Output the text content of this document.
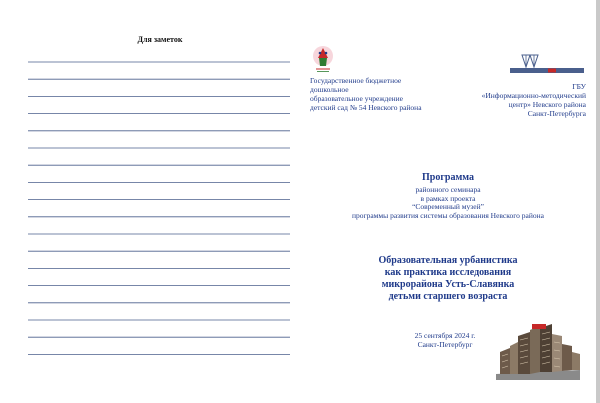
Для заметок
Государственное бюджетное
дошкольное
образовательное учреждение
детский сад № 54 Невского района
ГБУ
«Информационно-методический
центр» Невского района
Санкт-Петербурга
Программа
районного семинара
в рамках проекта
“Современный музей”
программы развития системы образования Невского района
Образовательная урбанистика
как практика исследования
микрорайона Усть-Славянка
детьми старшего возраста
25 сентября 2024 г.
Санкт-Петербург
